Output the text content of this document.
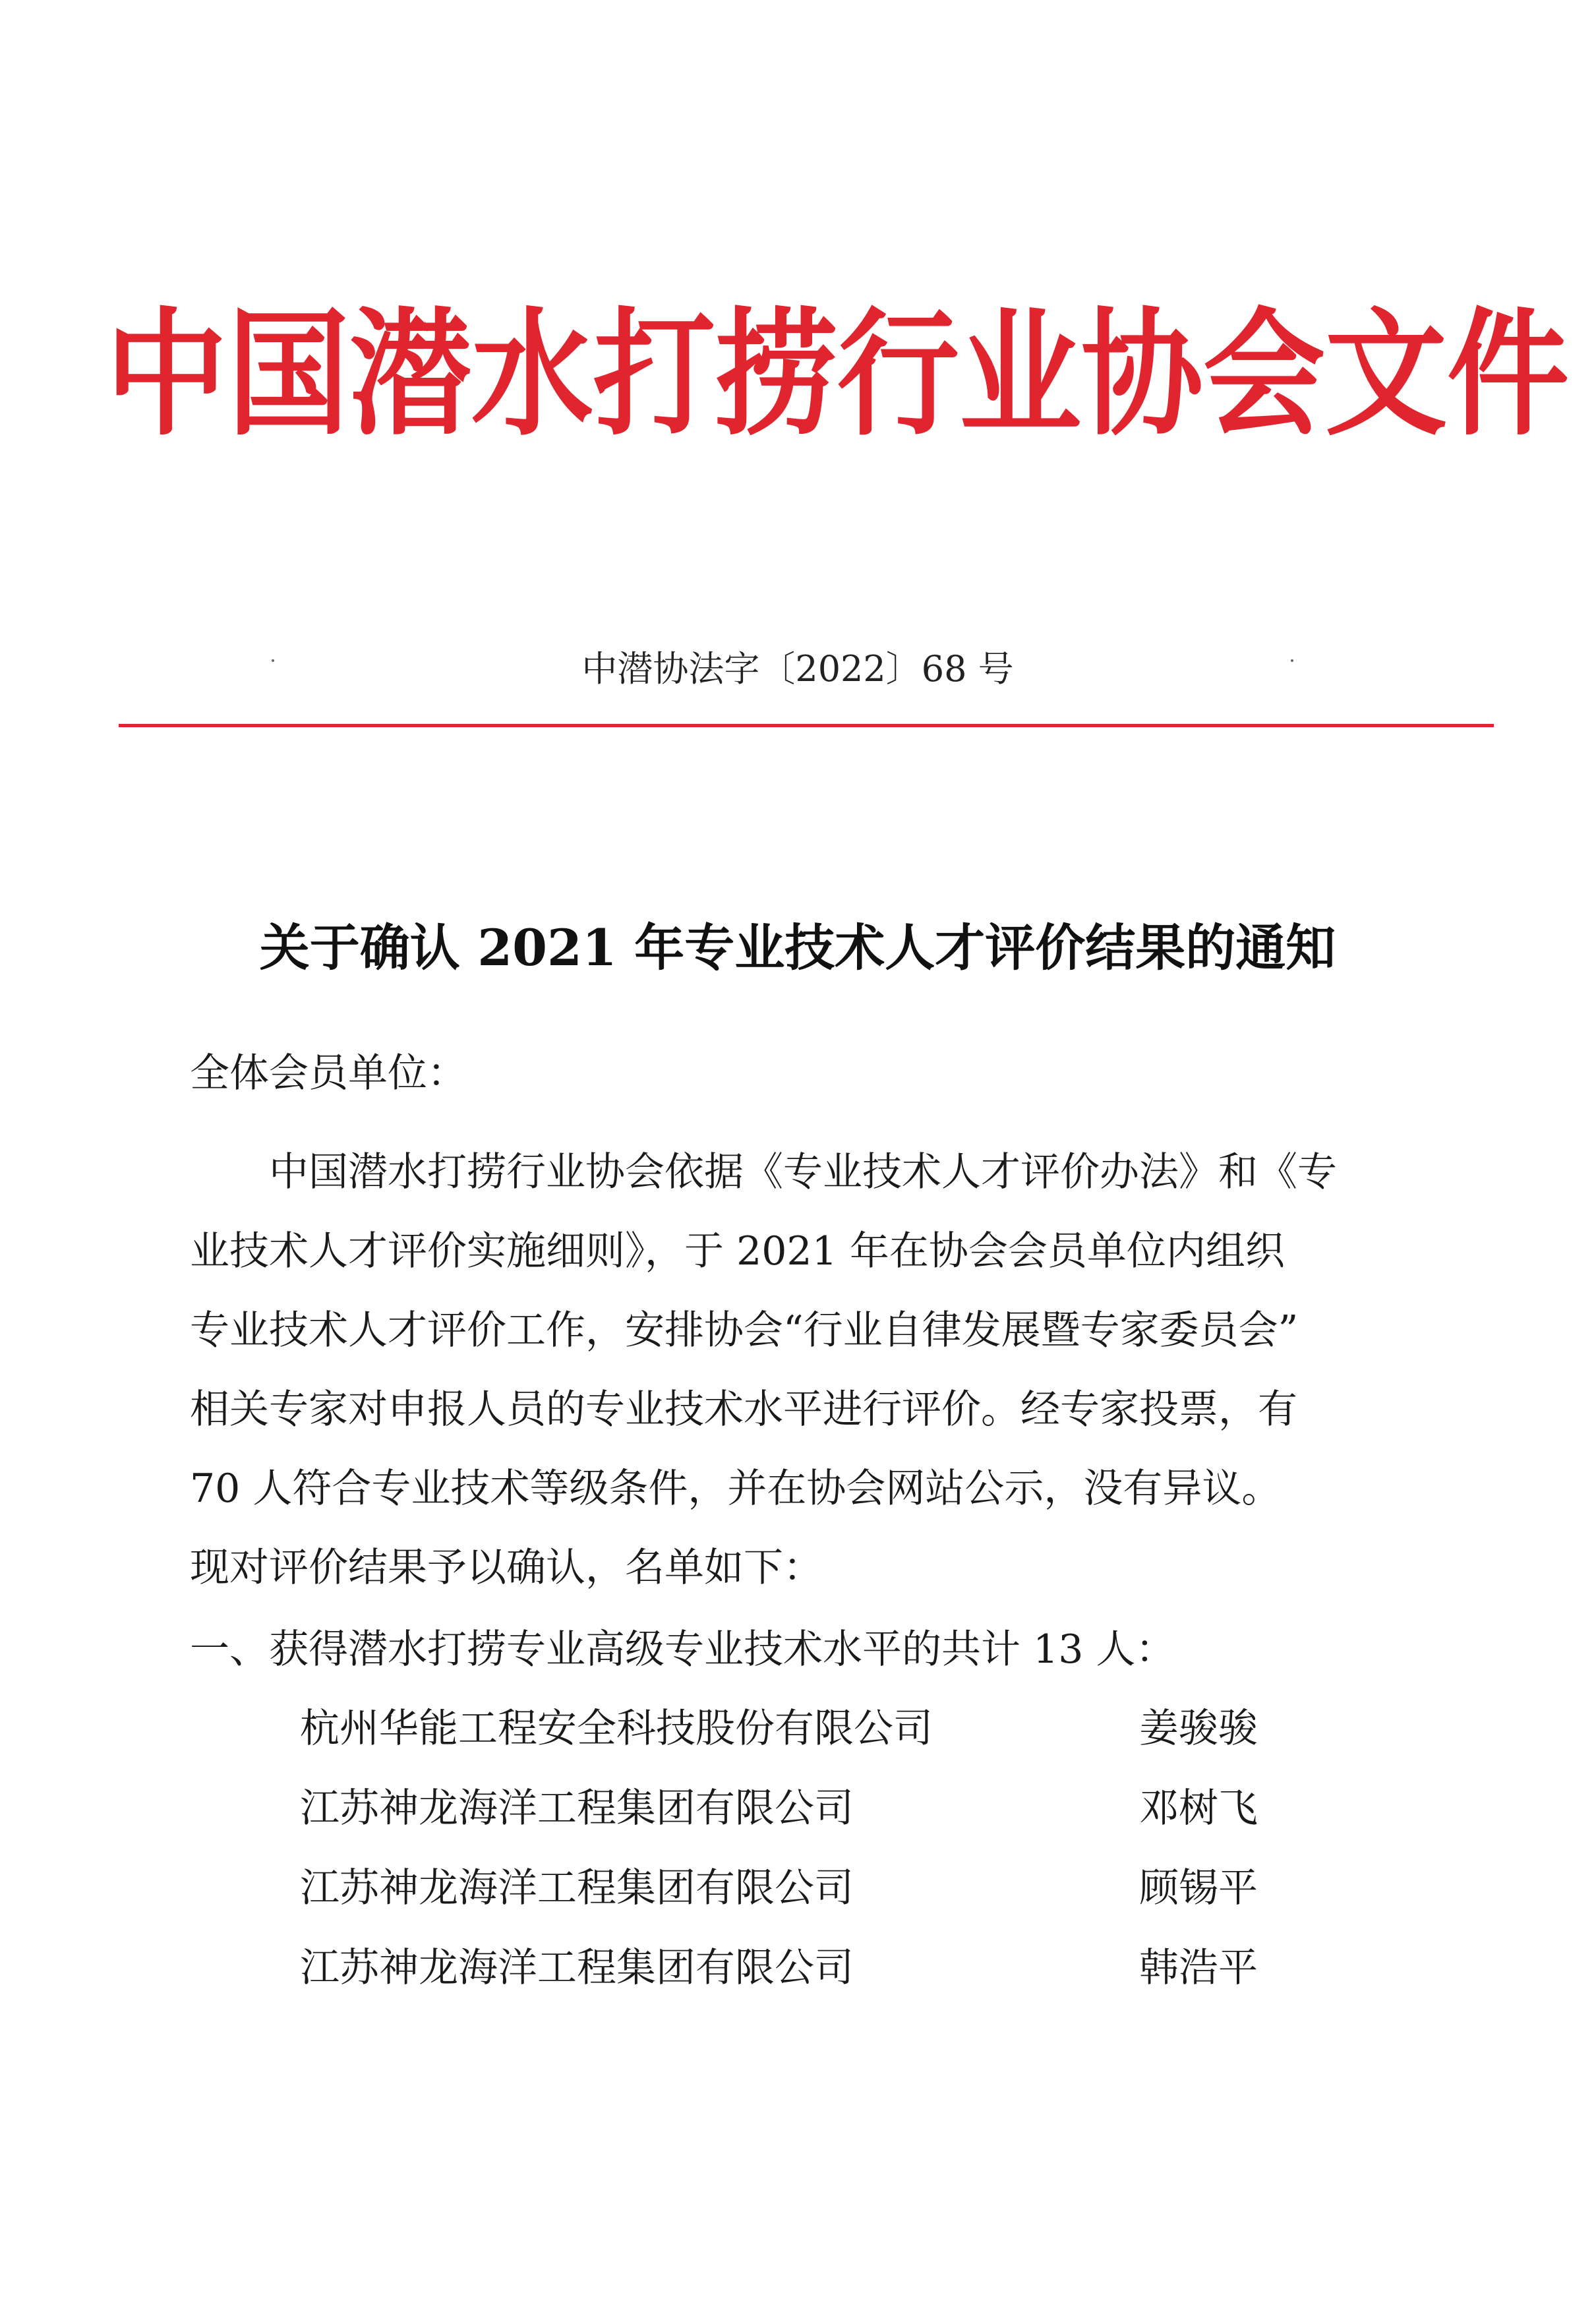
中国潜水打捞行业协会文件
中潜协法字〔2022〕68 号
关于确认 2021 年专业技术人才评价结果的通知
全体会员单位：
　　中国潜水打捞行业协会依据《专业技术人才评价办法》和《专
业技术人才评价实施细则》，于 2021 年在协会会员单位内组织
专业技术人才评价工作，安排协会“行业自律发展暨专家委员会”
相关专家对申报人员的专业技术水平进行评价。经专家投票，有
70 人符合专业技术等级条件，并在协会网站公示，没有异议。
现对评价结果予以确认，名单如下：
一、获得潜水打捞专业高级专业技术水平的共计 13 人：
杭州华能工程安全科技股份有限公司	姜骏骏
江苏神龙海洋工程集团有限公司	邓树飞
江苏神龙海洋工程集团有限公司	顾锡平
江苏神龙海洋工程集团有限公司	韩浩平
